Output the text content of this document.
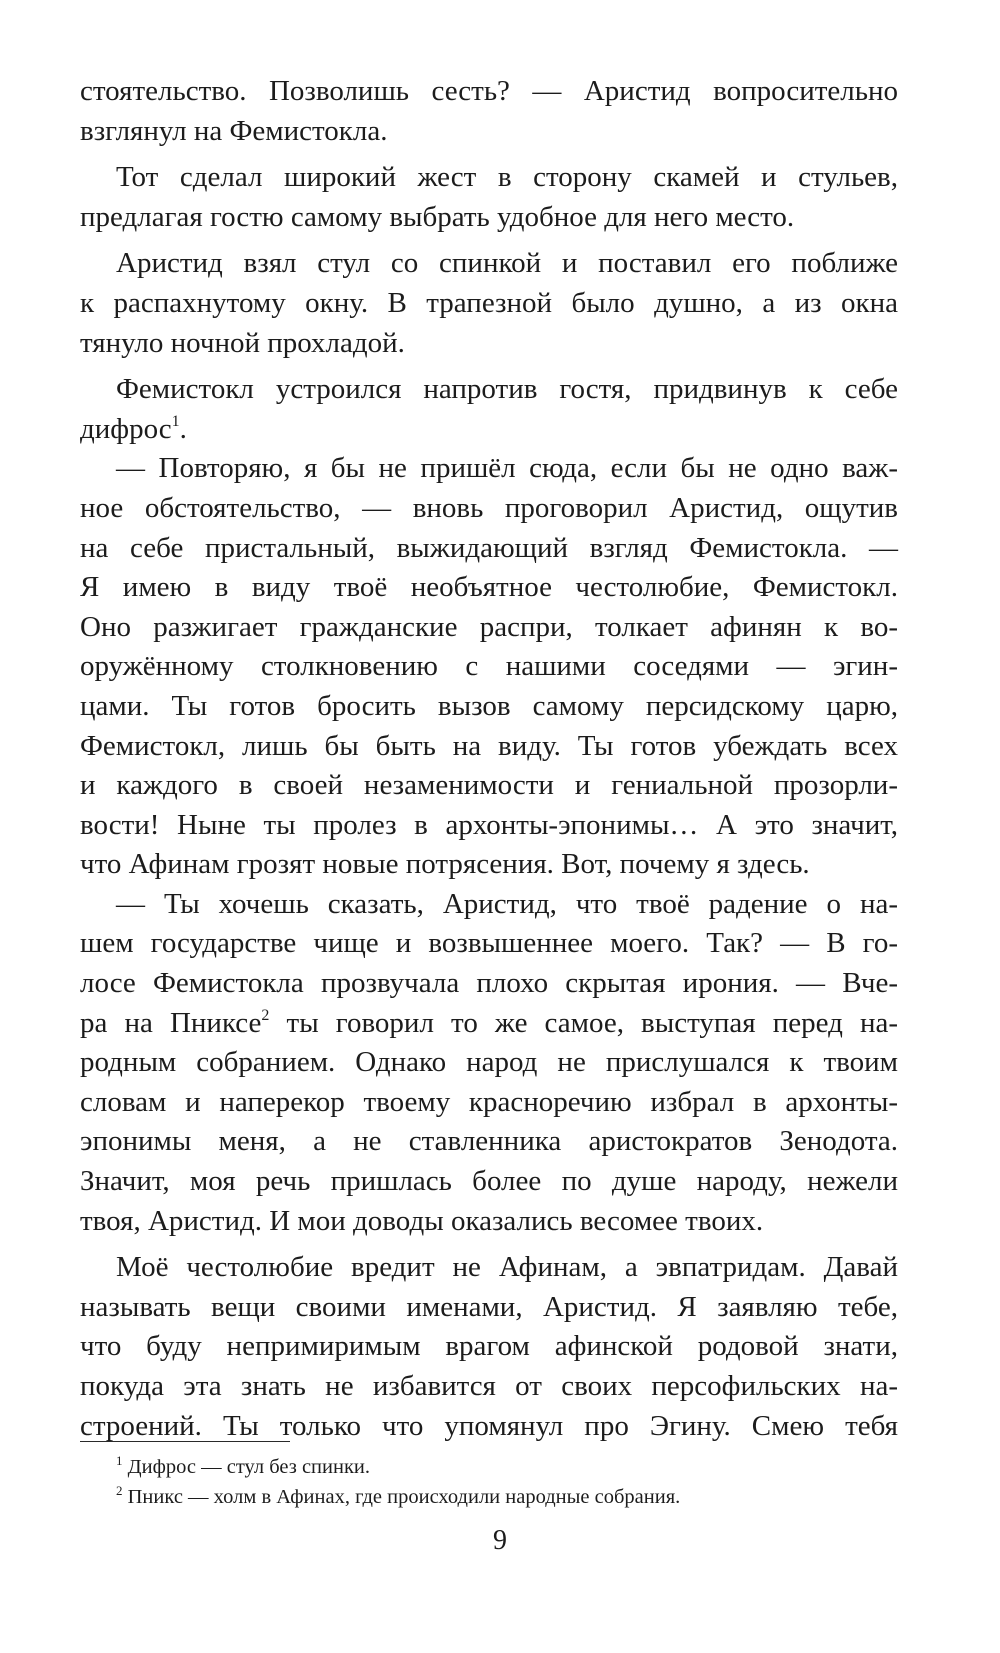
стоятельство. Позволишь сесть? — Аристид вопросительно
взглянул на Фемистокла.
Тот сделал широкий жест в сторону скамей и стульев,
предлагая гостю самому выбрать удобное для него место.
Аристид взял стул со спинкой и поставил его поближе
к распахнутому окну. В трапезной было душно, а из окна
тянуло ночной прохладой.
Фемистокл устроился напротив гостя, придвинув к себе
дифрос$^1$.
— Повторяю, я бы не пришёл сюда, если бы не одно важ-
ное обстоятельство, — вновь проговорил Аристид, ощутив
на себе пристальный, выжидающий взгляд Фемистокла. —
Я имею в виду твоё необъятное честолюбие, Фемистокл.
Оно разжигает гражданские распри, толкает афинян к во-
оружённому столкновению с нашими соседями — эгин-
цами. Ты готов бросить вызов самому персидскому царю,
Фемистокл, лишь бы быть на виду. Ты готов убеждать всех
и каждого в своей незаменимости и гениальной прозорли-
вости! Ныне ты пролез в архонты-эпонимы… А это значит,
что Афинам грозят новые потрясения. Вот, почему я здесь.
— Ты хочешь сказать, Аристид, что твоё радение о на-
шем государстве чище и возвышеннее моего. Так? — В го-
лосе Фемистокла прозвучала плохо скрытая ирония. — Вче-
ра на Пниксе$^2$ ты говорил то же самое, выступая перед на-
родным собранием. Однако народ не прислушался к твоим
словам и наперекор твоему красноречию избрал в архонты-
эпонимы меня, а не ставленника аристократов Зенодота.
Значит, моя речь пришлась более по душе народу, нежели
твоя, Аристид. И мои доводы оказались весомее твоих.
Моё честолюбие вредит не Афинам, а эвпатридам. Давай
называть вещи своими именами, Аристид. Я заявляю тебе,
что буду непримиримым врагом афинской родовой знати,
покуда эта знать не избавится от своих персофильских на-
строений. Ты только что упомянул про Эгину. Смею тебя
$^1$ Дифрос — стул без спинки.
$^2$ Пникс — холм в Афинах, где происходили народные собрания.
9
